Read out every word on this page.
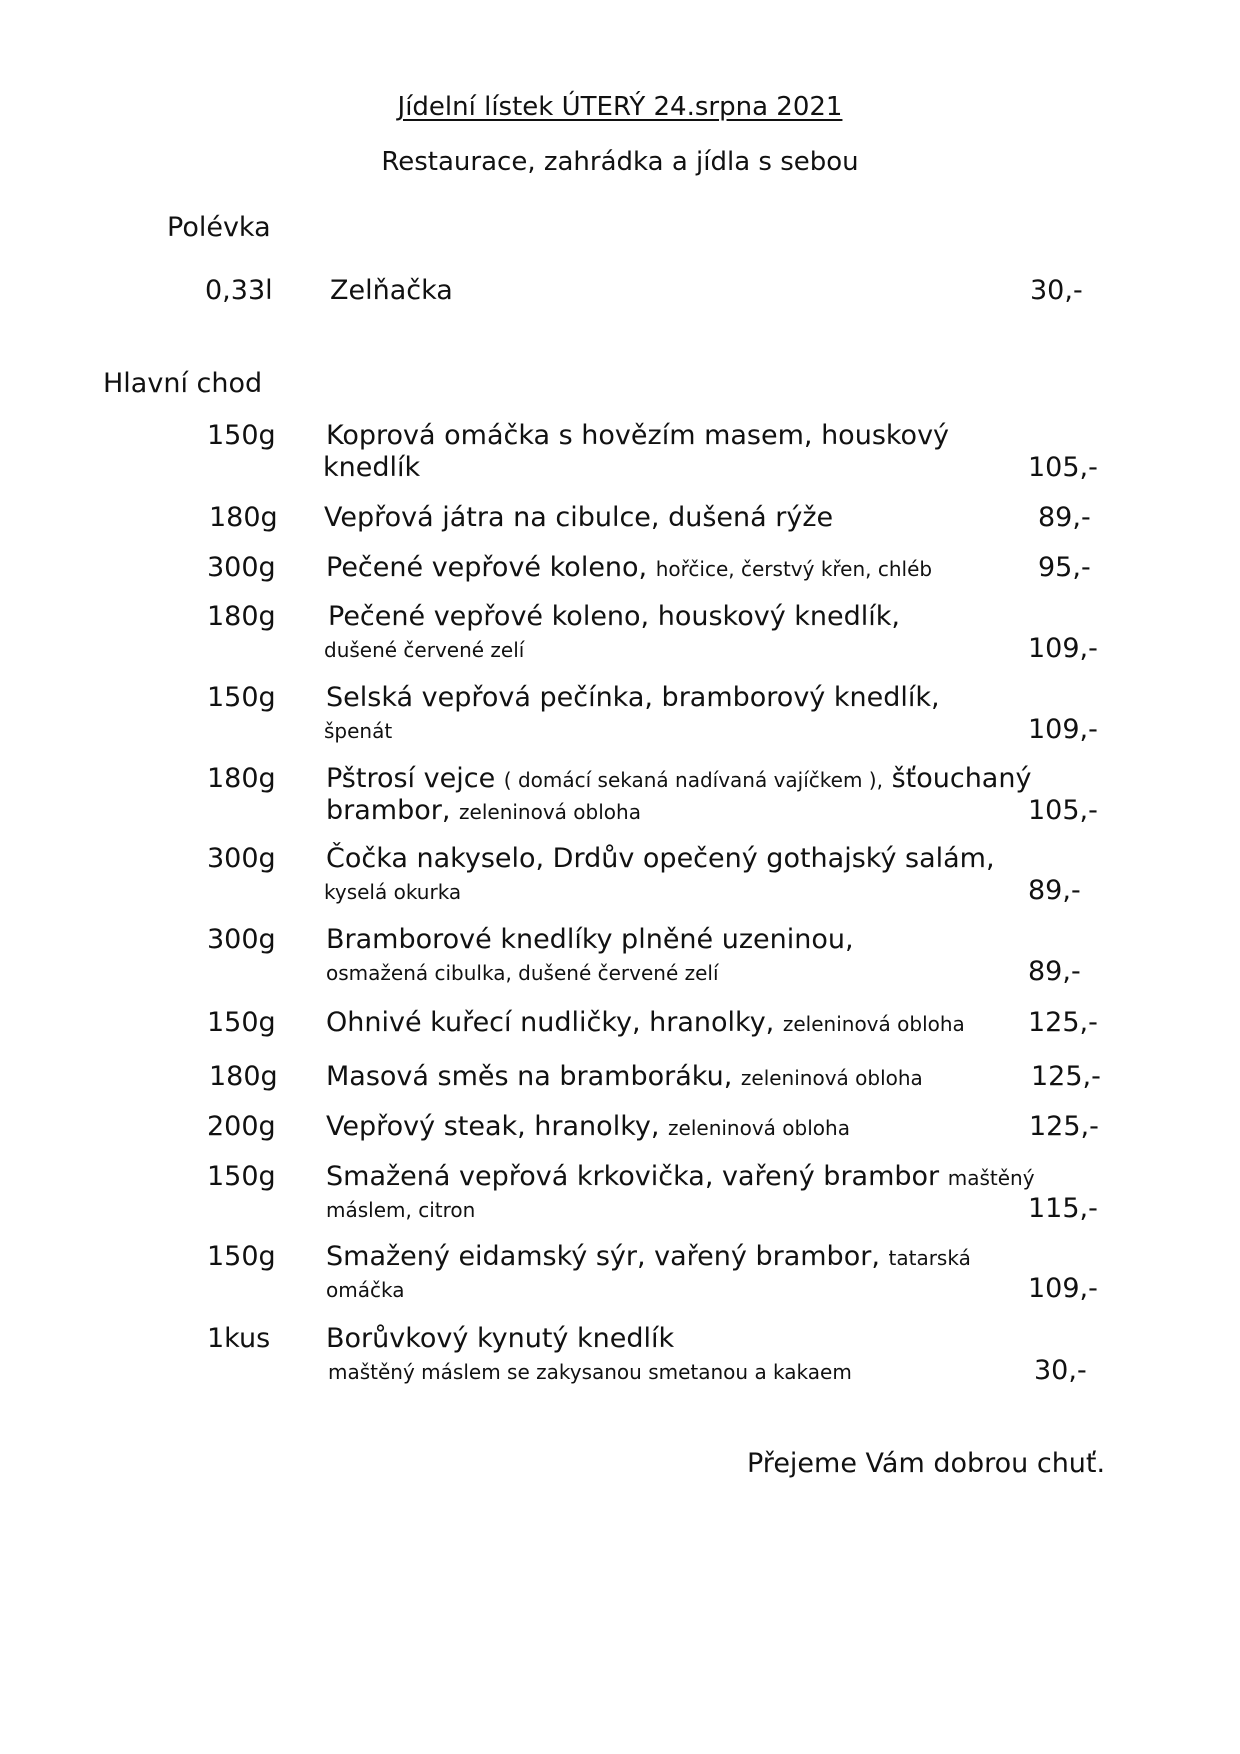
Jídelní lístek ÚTERÝ 24.srpna 2021
Restaurace, zahrádka a jídla s sebou
Polévka
0,33l Zelňačka	30,-
Hlavní chod
150g Koprová omáčka s hovězím masem, houskový
knedlík	105,-
180g Vepřová játra na cibulce, dušená rýže	89,-
300g Pečené vepřové koleno, hořčice, čerstvý křen, chléb	95,-
180g Pečené vepřové koleno, houskový knedlík,
dušené červené zelí	109,-
150g Selská vepřová pečínka, bramborový knedlík,
špenát	109,-
180g Pštrosí vejce ( domácí sekaná nadívaná vajíčkem ), šťouchaný
brambor, zeleninová obloha	105,-
300g Čočka nakyselo, Drdův opečený gothajský salám,
kyselá okurka	89,-
300g Bramborové knedlíky plněné uzeninou,
osmažená cibulka, dušené červené zelí	89,-
150g Ohnivé kuřecí nudličky, hranolky, zeleninová obloha 125,-
180g Masová směs na bramboráku, zeleninová obloha	125,-
200g Vepřový steak, hranolky, zeleninová obloha	125,-
150g Smažená vepřová krkovička, vařený brambor maštěný
máslem, citron	115,-
150g Smažený eidamský sýr, vařený brambor, tatarská
omáčka	109,-
1kus Borůvkový kynutý knedlík
maštěný máslem se zakysanou smetanou a kakaem	30,-
Přejeme Vám dobrou chuť.
